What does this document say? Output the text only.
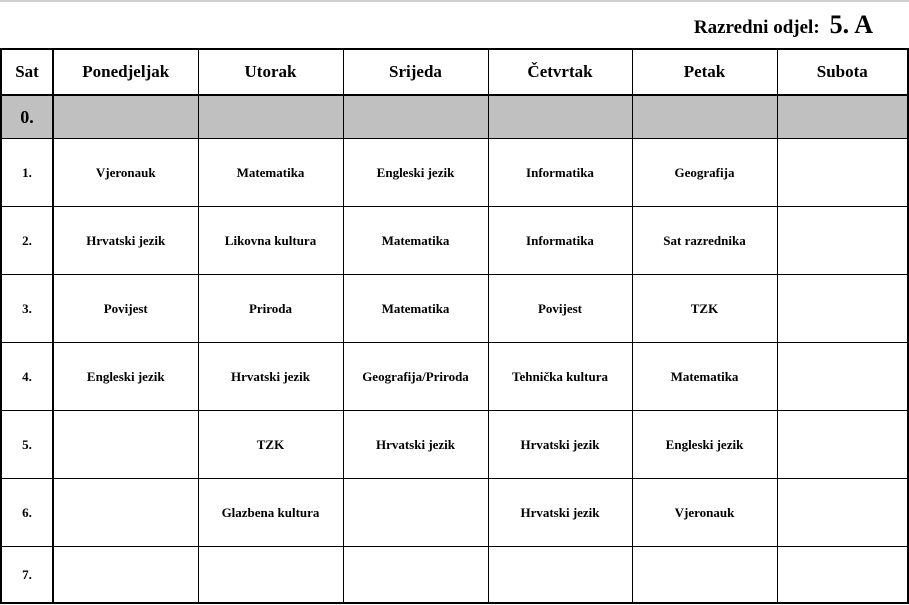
Razredni odjel: 5. A
Sat	Ponedjeljak	Utorak	Srijeda	Četvrtak	Petak	Subota
0.						
1.	Vjeronauk	Matematika	Engleski jezik	Informatika	Geografija	
2.	Hrvatski jezik	Likovna kultura	Matematika	Informatika	Sat razrednika	
3.	Povijest	Priroda	Matematika	Povijest	TZK	
4.	Engleski jezik	Hrvatski jezik	Geografija/Priroda	Tehnička kultura	Matematika	
5.		TZK	Hrvatski jezik	Hrvatski jezik	Engleski jezik	
6.		Glazbena kultura		Hrvatski jezik	Vjeronauk	
7.						
